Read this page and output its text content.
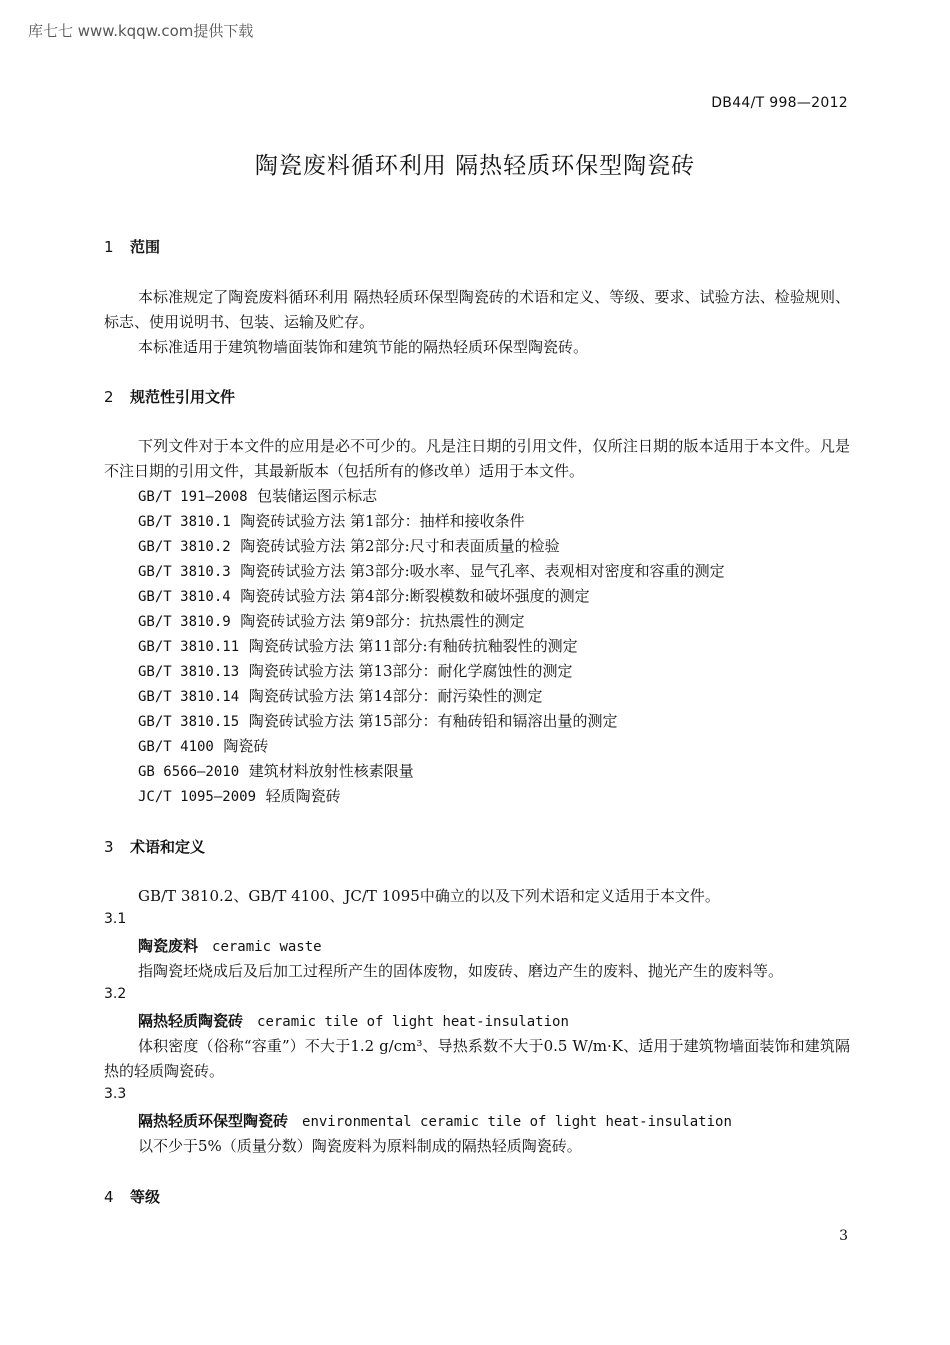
库七七 www.kqqw.com提供下载
DB44/T 998—2012
陶瓷废料循环利用 隔热轻质环保型陶瓷砖
1 范围
本标准规定了陶瓷废料循环利用 隔热轻质环保型陶瓷砖的术语和定义、等级、要求、试验方法、检验规则、标志、使用说明书、包装、运输及贮存。
本标准适用于建筑物墙面装饰和建筑节能的隔热轻质环保型陶瓷砖。
2 规范性引用文件
下列文件对于本文件的应用是必不可少的。凡是注日期的引用文件，仅所注日期的版本适用于本文件。凡是不注日期的引用文件，其最新版本（包括所有的修改单）适用于本文件。
GB/T 191—2008 包装储运图示标志
GB/T 3810.1 陶瓷砖试验方法 第1部分：抽样和接收条件
GB/T 3810.2 陶瓷砖试验方法 第2部分:尺寸和表面质量的检验
GB/T 3810.3 陶瓷砖试验方法 第3部分:吸水率、显气孔率、表观相对密度和容重的测定
GB/T 3810.4 陶瓷砖试验方法 第4部分:断裂模数和破坏强度的测定
GB/T 3810.9 陶瓷砖试验方法 第9部分：抗热震性的测定
GB/T 3810.11 陶瓷砖试验方法 第11部分:有釉砖抗釉裂性的测定
GB/T 3810.13 陶瓷砖试验方法 第13部分：耐化学腐蚀性的测定
GB/T 3810.14 陶瓷砖试验方法 第14部分：耐污染性的测定
GB/T 3810.15 陶瓷砖试验方法 第15部分：有釉砖铅和镉溶出量的测定
GB/T 4100 陶瓷砖
GB 6566—2010 建筑材料放射性核素限量
JC/T 1095—2009 轻质陶瓷砖
3 术语和定义
GB/T 3810.2、GB/T 4100、JC/T 1095中确立的以及下列术语和定义适用于本文件。
3.1
陶瓷废料 ceramic waste
指陶瓷坯烧成后及后加工过程所产生的固体废物，如废砖、磨边产生的废料、抛光产生的废料等。
3.2
隔热轻质陶瓷砖 ceramic tile of light heat-insulation
体积密度（俗称“容重”）不大于1.2 g/cm³、导热系数不大于0.5 W/m·K、适用于建筑物墙面装饰和建筑隔热的轻质陶瓷砖。
3.3
隔热轻质环保型陶瓷砖 environmental ceramic tile of light heat-insulation
以不少于5%（质量分数）陶瓷废料为原料制成的隔热轻质陶瓷砖。
4 等级
3
